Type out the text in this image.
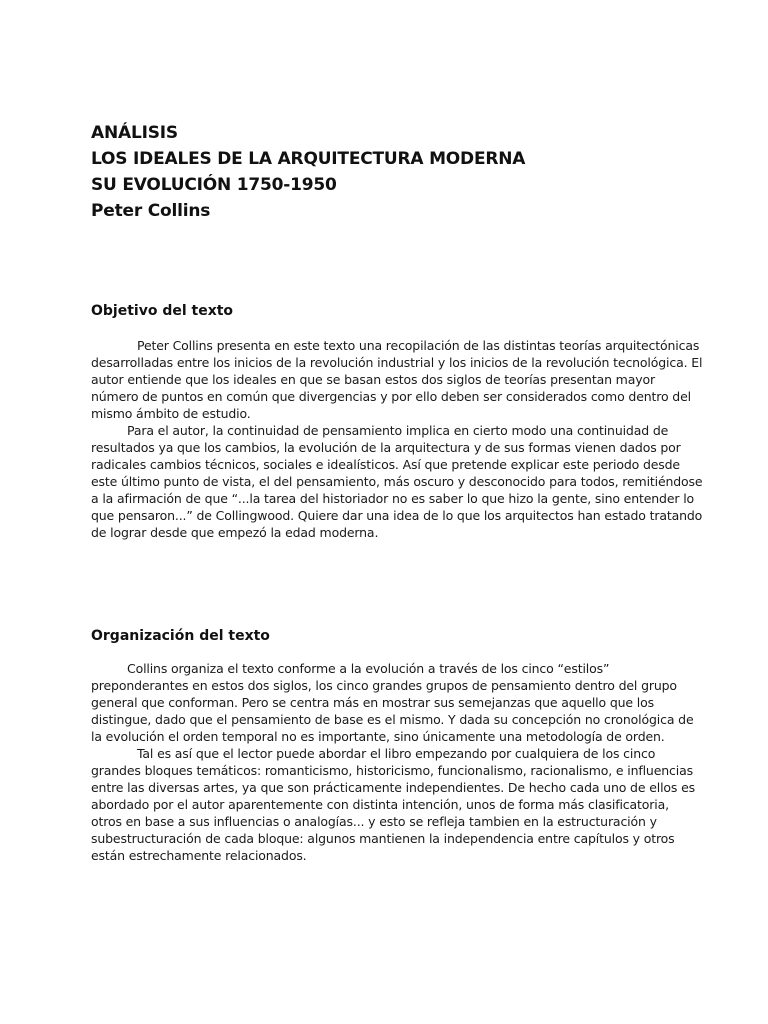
ANÁLISIS
LOS IDEALES DE LA ARQUITECTURA MODERNA
SU EVOLUCIÓN 1750-1950
Peter Collins
Objetivo del texto

Peter Collins presenta en este texto una recopilación de las distintas teorías arquitectónicas desarrolladas entre los inicios de la revolución industrial y los inicios de la revolución tecnológica. El autor entiende que los ideales en que se basan estos dos siglos de teorías presentan mayor número de puntos en común que divergencias y por ello deben ser considerados como dentro del mismo ámbito de estudio.

Para el autor, la continuidad de pensamiento implica en cierto modo una continuidad de resultados ya que los cambios, la evolución de la arquitectura y de sus formas vienen dados por radicales cambios técnicos, sociales e idealísticos. Así que pretende explicar este periodo desde este último punto de vista, el del pensamiento, más oscuro y desconocido para todos, remitiéndose a la afirmación de que “...la tarea del historiador no es saber lo que hizo la gente, sino entender lo que pensaron...” de Collingwood. Quiere dar una idea de lo que los arquitectos han estado tratando de lograr desde que empezó la edad moderna.

Organización del texto

Collins organiza el texto conforme a la evolución a través de los cinco “estilos” preponderantes en estos dos siglos, los cinco grandes grupos de pensamiento dentro del grupo general que conforman. Pero se centra más en mostrar sus semejanzas que aquello que los distingue, dado que el pensamiento de base es el mismo. Y dada su concepción no cronológica de la evolución el orden temporal no es importante, sino únicamente una metodología de orden.

Tal es así que el lector puede abordar el libro empezando por cualquiera de los cinco grandes bloques temáticos: romanticismo, historicismo, funcionalismo, racionalismo, e influencias entre las diversas artes, ya que son prácticamente independientes. De hecho cada uno de ellos es abordado por el autor aparentemente con distinta intención, unos de forma más clasificatoria, otros en base a sus influencias o analogías... y esto se refleja tambien en la estructuración y subestructuración de cada bloque: algunos mantienen la independencia entre capítulos y otros están estrechamente relacionados.
